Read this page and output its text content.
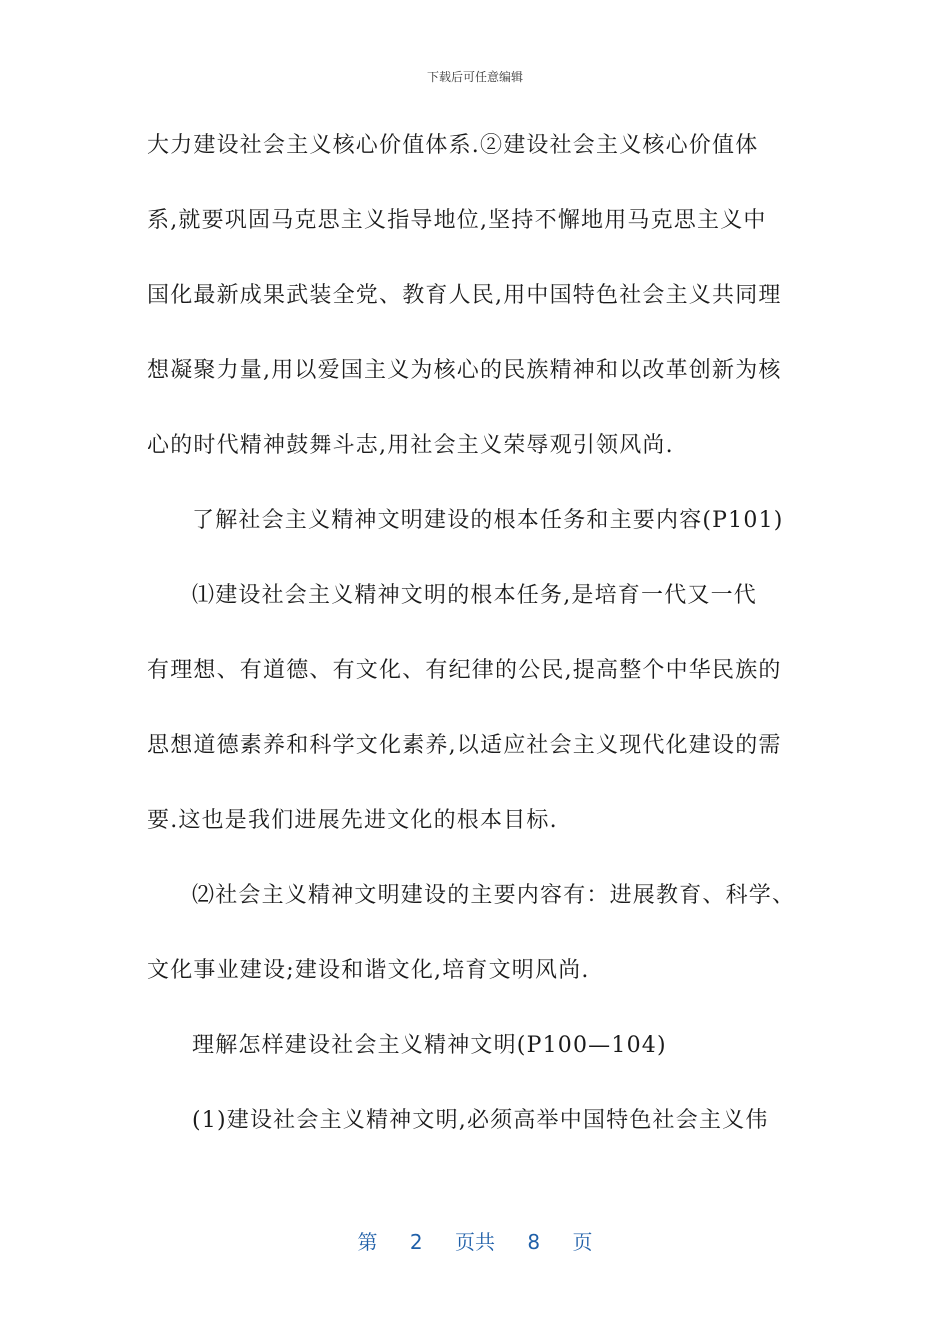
下载后可任意编辑
大力建设社会主义核心价值体系.②建设社会主义核心价值体
系,就要巩固马克思主义指导地位,坚持不懈地用马克思主义中
国化最新成果武装全党、教育人民,用中国特色社会主义共同理
想凝聚力量,用以爱国主义为核心的民族精神和以改革创新为核
心的时代精神鼓舞斗志,用社会主义荣辱观引领风尚.
了解社会主义精神文明建设的根本任务和主要内容(P101)
⑴建设社会主义精神文明的根本任务,是培育一代又一代
有理想、有道德、有文化、有纪律的公民,提高整个中华民族的
思想道德素养和科学文化素养,以适应社会主义现代化建设的需
要.这也是我们进展先进文化的根本目标.
⑵社会主义精神文明建设的主要内容有：进展教育、科学、
文化事业建设;建设和谐文化,培育文明风尚.
理解怎样建设社会主义精神文明(P100—104)
(1)建设社会主义精神文明,必须高举中国特色社会主义伟
第 2 页共 8 页
